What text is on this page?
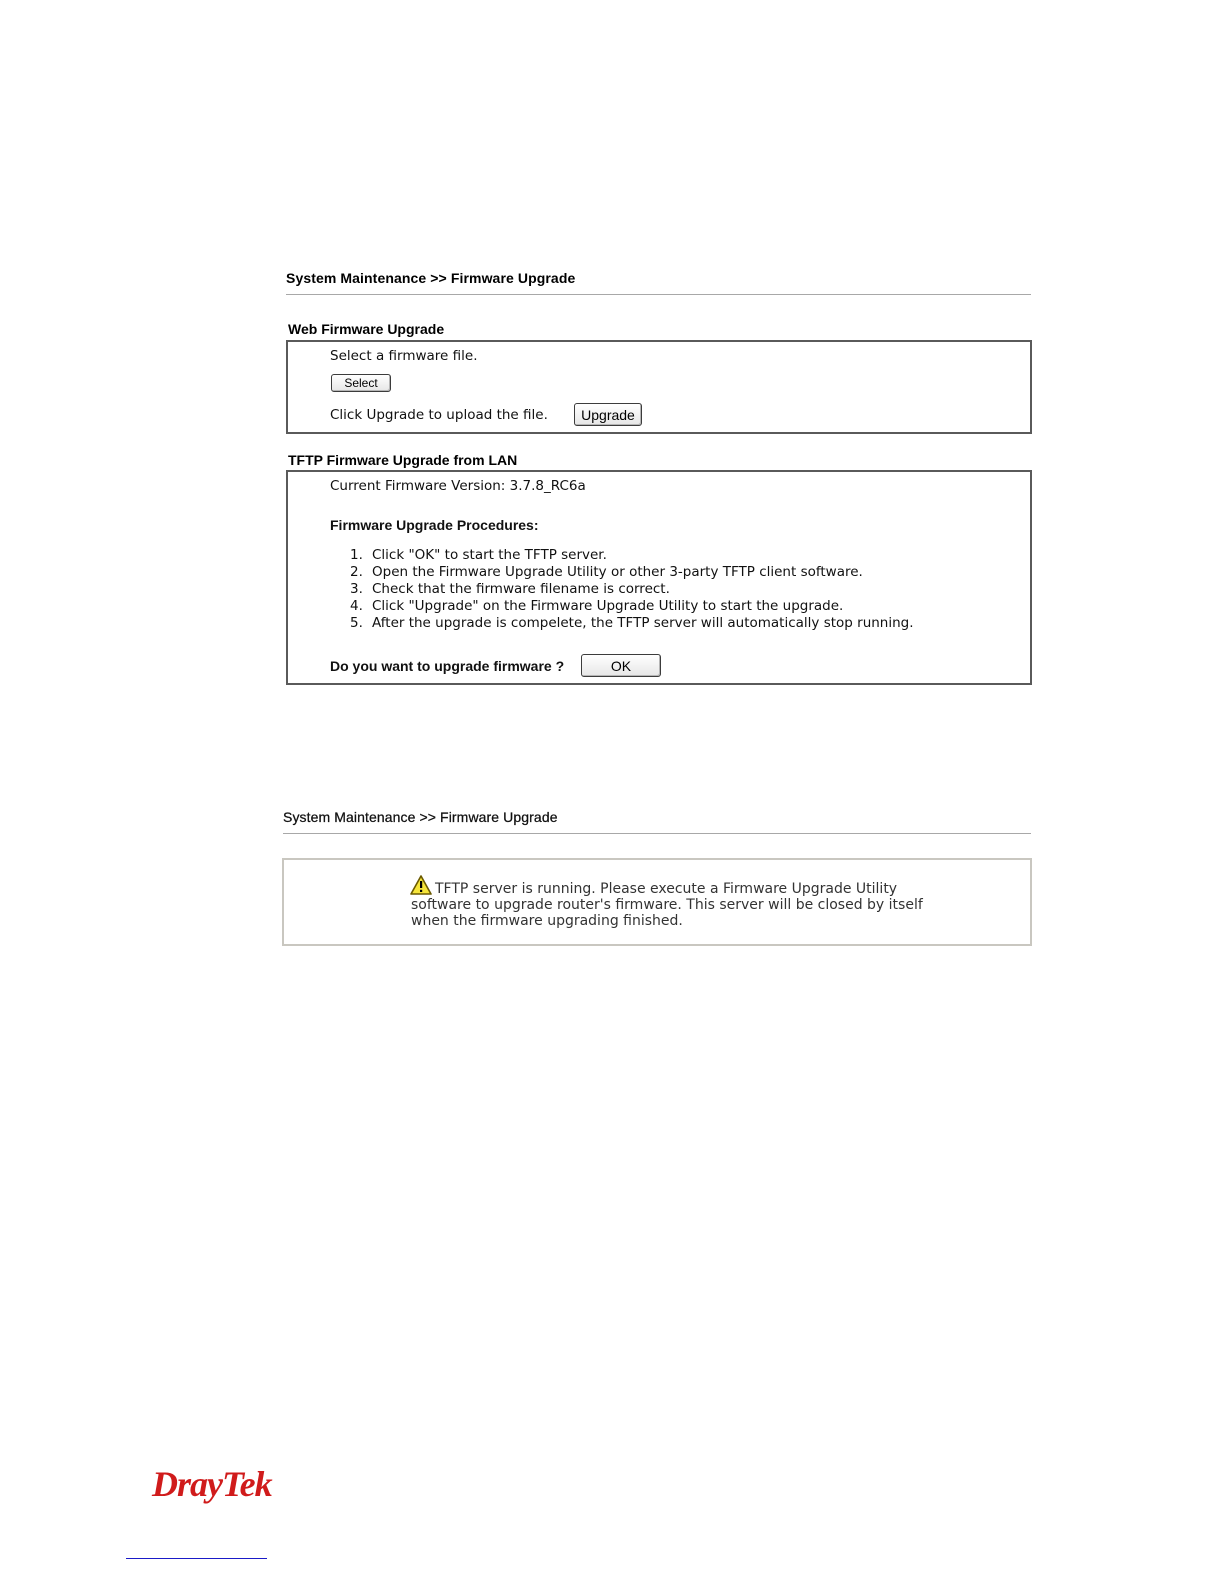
System Maintenance >> Firmware Upgrade
Web Firmware Upgrade
Select a firmware file.
Select
Click Upgrade to upload the file.	Upgrade
TFTP Firmware Upgrade from LAN
Current Firmware Version: 3.7.8_RC6a
Firmware Upgrade Procedures:
1. Click "OK" to start the TFTP server.
2. Open the Firmware Upgrade Utility or other 3-party TFTP client software.
3. Check that the firmware filename is correct.
4. Click "Upgrade" on the Firmware Upgrade Utility to start the upgrade.
5. After the upgrade is compelete, the TFTP server will automatically stop running.
Do you want to upgrade firmware ?	OK
System Maintenance >> Firmware Upgrade
TFTP server is running. Please execute a Firmware Upgrade Utility software to upgrade router's firmware. This server will be closed by itself when the firmware upgrading finished.
DrayTek
